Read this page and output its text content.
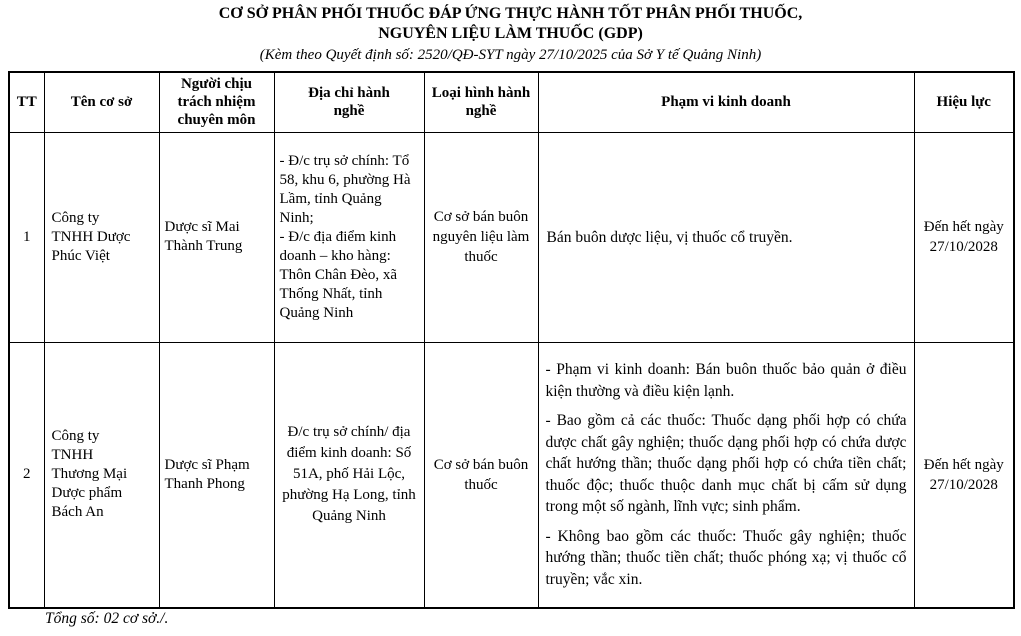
CƠ SỞ PHÂN PHỐI THUỐC ĐÁP ỨNG THỰC HÀNH TỐT PHÂN PHỐI THUỐC,
NGUYÊN LIỆU LÀM THUỐC (GDP)
(Kèm theo Quyết định số: 2520/QĐ-SYT ngày 27/10/2025 của Sở Y tế Quảng Ninh)
TT	Tên cơ sở	Người chịu trách nhiệm chuyên môn	Địa chỉ hành nghề	Loại hình hành nghề	Phạm vi kinh doanh	Hiệu lực
1	Công ty TNHH Dược Phúc Việt	Dược sĩ Mai Thành Trung	- Đ/c trụ sở chính: Tổ 58, khu 6, phường Hà Lầm, tỉnh Quảng Ninh;

- Đ/c địa điểm kinh doanh – kho hàng: Thôn Chân Đèo, xã Thống Nhất, tỉnh Quảng Ninh	Cơ sở bán buôn nguyên liệu làm thuốc	Bán buôn dược liệu, vị thuốc cổ truyền.	Đến hết ngày 27/10/2028
2	Công ty TNHH Thương Mại Dược phẩm Bách An	Dược sĩ Phạm Thanh Phong	Đ/c trụ sở chính/ địa điểm kinh doanh: Số 51A, phố Hải Lộc, phường Hạ Long, tỉnh Quảng Ninh	Cơ sở bán buôn thuốc	- Phạm vi kinh doanh: Bán buôn thuốc bảo quản ở điều kiện thường và điều kiện lạnh.

- Bao gồm cả các thuốc: Thuốc dạng phối hợp có chứa dược chất gây nghiện; thuốc dạng phối hợp có chứa dược chất hướng thần; thuốc dạng phối hợp có chứa tiền chất; thuốc độc; thuốc thuộc danh mục chất bị cấm sử dụng trong một số ngành, lĩnh vực; sinh phẩm.

- Không bao gồm các thuốc: Thuốc gây nghiện; thuốc hướng thần; thuốc tiền chất; thuốc phóng xạ; vị thuốc cổ truyền; vắc xin.	Đến hết ngày 27/10/2028
Tổng số: 02 cơ sở./.
